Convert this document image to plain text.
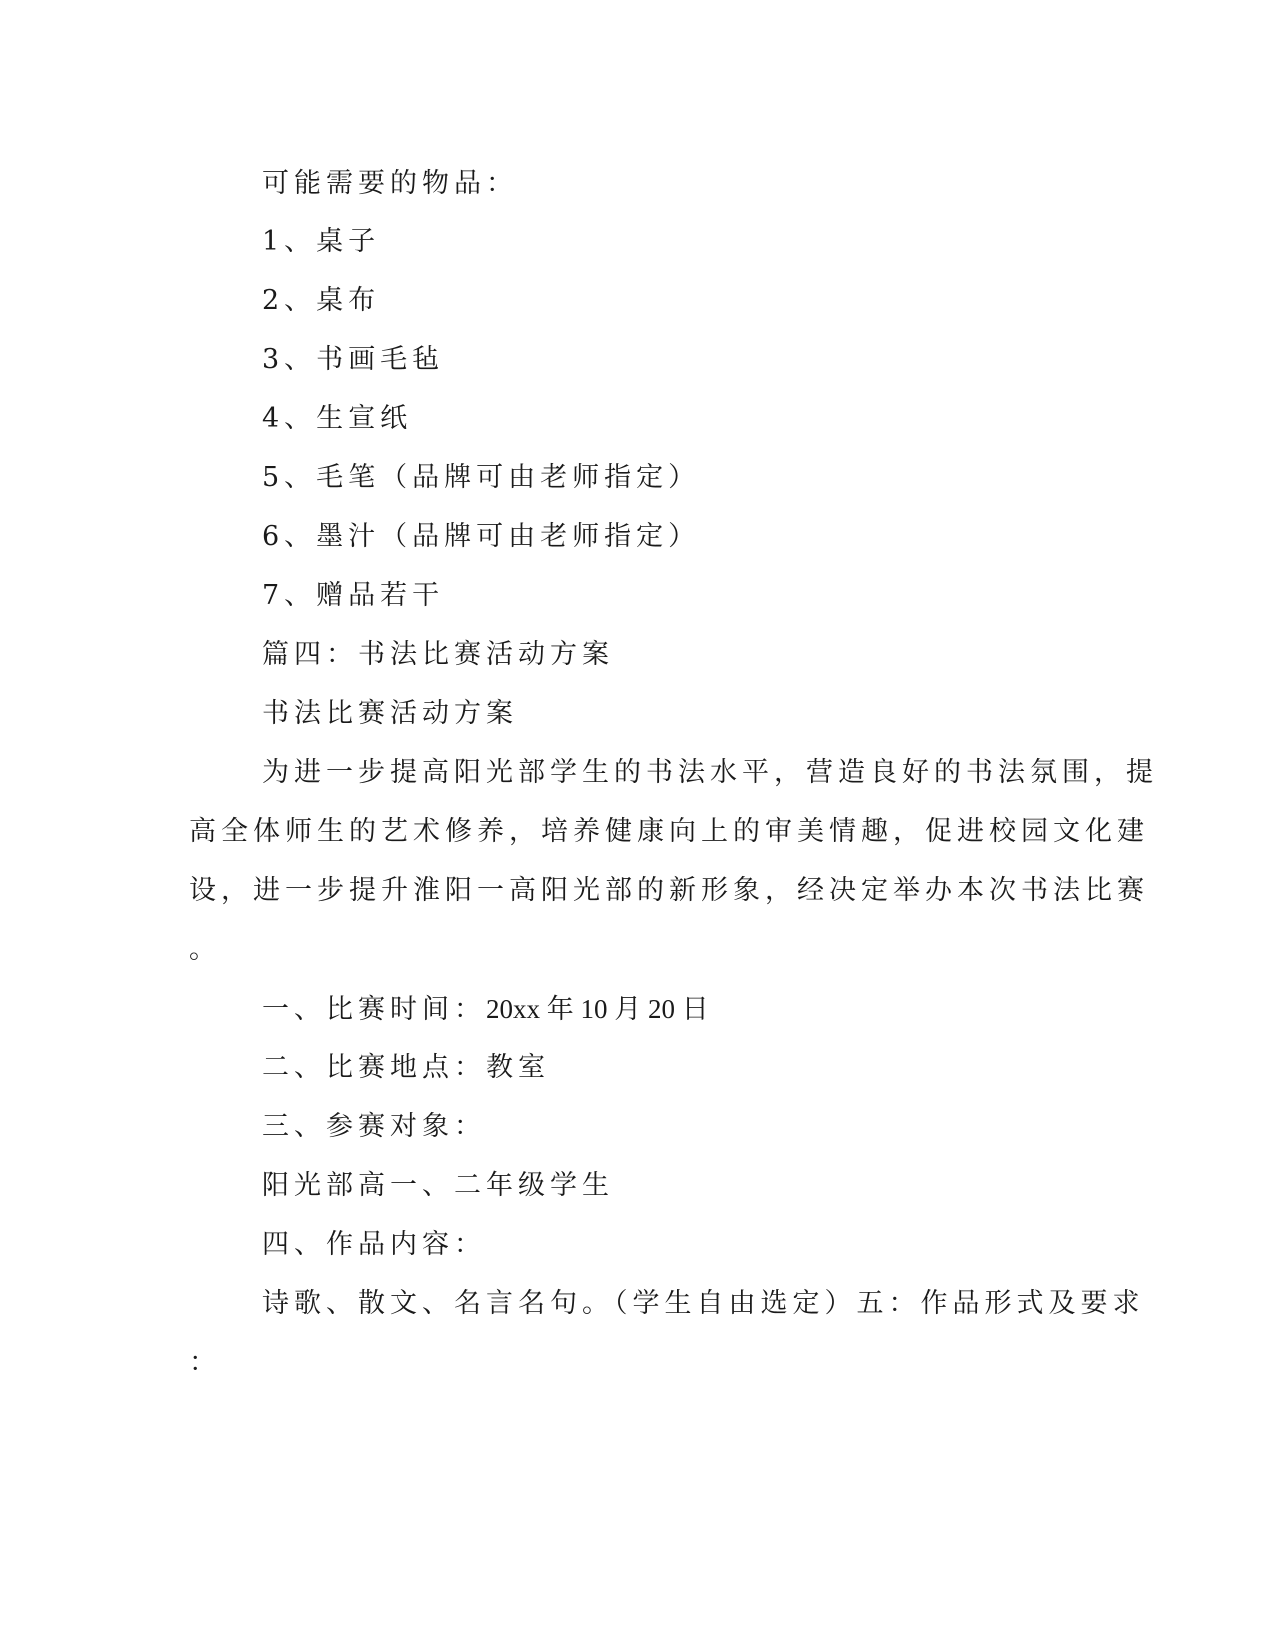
可能需要的物品：
1、桌子
2、桌布
3、书画毛毡
4、生宣纸
5、毛笔（品牌可由老师指定）
6、墨汁（品牌可由老师指定）
7、赠品若干
篇四：书法比赛活动方案
书法比赛活动方案
为进一步提高阳光部学生的书法水平，营造良好的书法氛围，提
高全体师生的艺术修养，培养健康向上的审美情趣，促进校园文化建
设，进一步提升淮阳一高阳光部的新形象，经决定举办本次书法比赛
。
一、比赛时间：20xx 年 10 月 20 日
二、比赛地点：教室
三、参赛对象：
阳光部高一、二年级学生
四、作品内容：
诗歌、散文、名言名句。（学生自由选定）五：作品形式及要求
：
